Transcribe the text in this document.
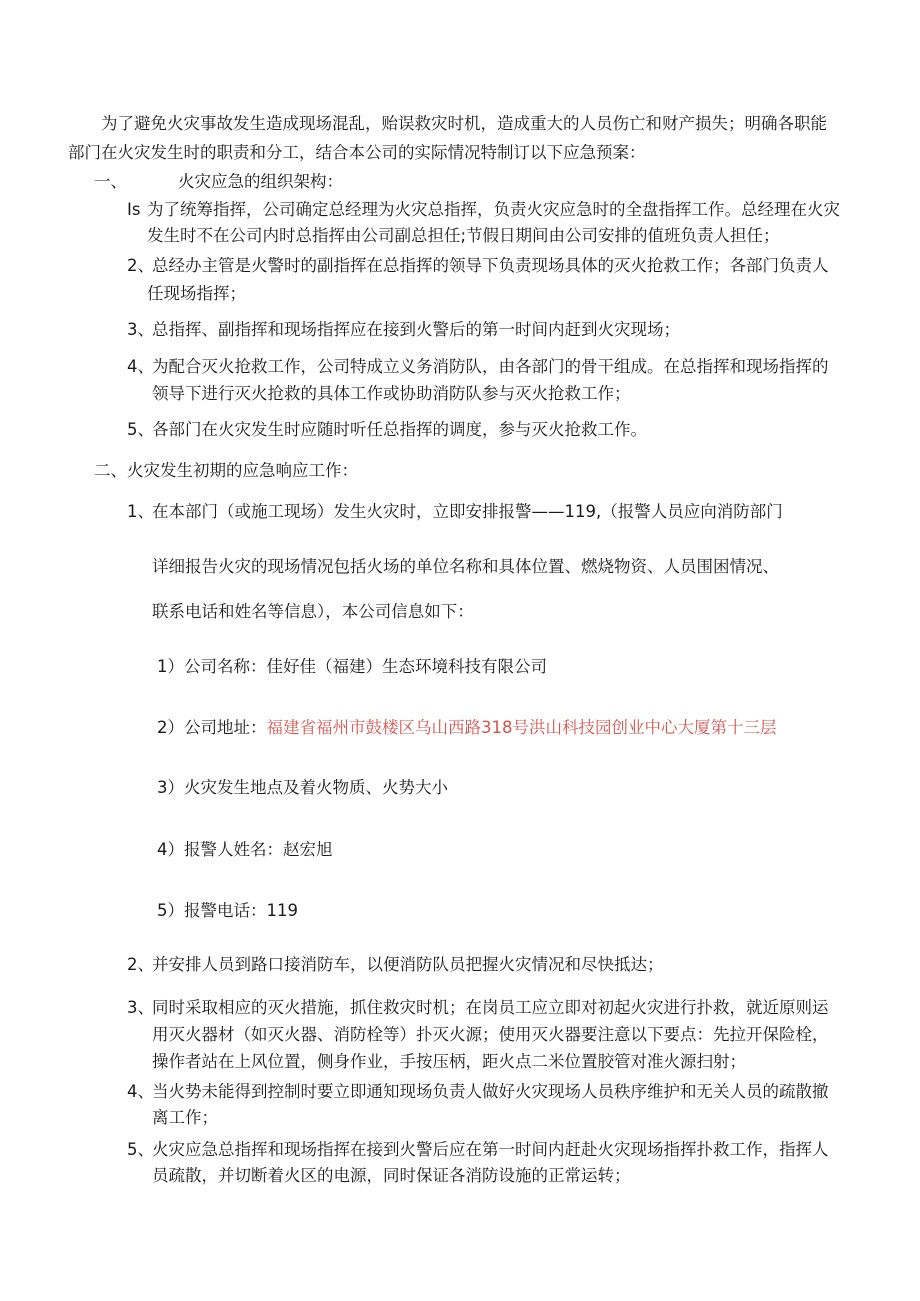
为了避免火灾事故发生造成现场混乱，贻误救灾时机，造成重大的人员伤亡和财产损失；明确各职能
部门在火灾发生时的职责和分工，结合本公司的实际情况特制订以下应急预案：
一、	火灾应急的组织架构：
Is 为了统筹指挥，公司确定总经理为火灾总指挥，负责火灾应急时的全盘指挥工作。总经理在火灾
发生时不在公司内时总指挥由公司副总担任;节假日期间由公司安排的值班负责人担任；
2、
总经办主管是火警时的副指挥在总指挥的领导下负责现场具体的灭火抢救工作；各部门负责人
任现场指挥；
3、
总指挥、副指挥和现场指挥应在接到火警后的第一时间内赶到火灾现场；
4、
为配合灭火抢救工作，公司特成立义务消防队，由各部门的骨干组成。在总指挥和现场指挥的
领导下进行灭火抢救的具体工作或协助消防队参与灭火抢救工作；
5、
各部门在火灾发生时应随时听任总指挥的调度，参与灭火抢救工作。
二、火灾发生初期的应急响应工作：
1、
在本部门（或施工现场）发生火灾时，立即安排报警——119,（报警人员应向消防部门
详细报告火灾的现场情况包括火场的单位名称和具体位置、燃烧物资、人员围困情况、
联系电话和姓名等信息），本公司信息如下：
1）公司名称：佳好佳（福建）生态环境科技有限公司
2）公司地址：福建省福州市鼓楼区乌山西路318号洪山科技园创业中心大厦第十三层
3）火灾发生地点及着火物质、火势大小
4）报警人姓名：赵宏旭
5）报警电话：119
2、
并安排人员到路口接消防车，以便消防队员把握火灾情况和尽快抵达；
3、
同时采取相应的灭火措施，抓住救灾时机；在岗员工应立即对初起火灾进行扑救，就近原则运
用灭火器材（如灭火器、消防栓等）扑灭火源；使用灭火器要注意以下要点：先拉开保险栓，
操作者站在上风位置，侧身作业，手按压柄，距火点二米位置胶管对准火源扫射；
4、
当火势未能得到控制时要立即通知现场负责人做好火灾现场人员秩序维护和无关人员的疏散撤
离工作；
5、
火灾应急总指挥和现场指挥在接到火警后应在第一时间内赶赴火灾现场指挥扑救工作，指挥人
员疏散，并切断着火区的电源，同时保证各消防设施的正常运转；
